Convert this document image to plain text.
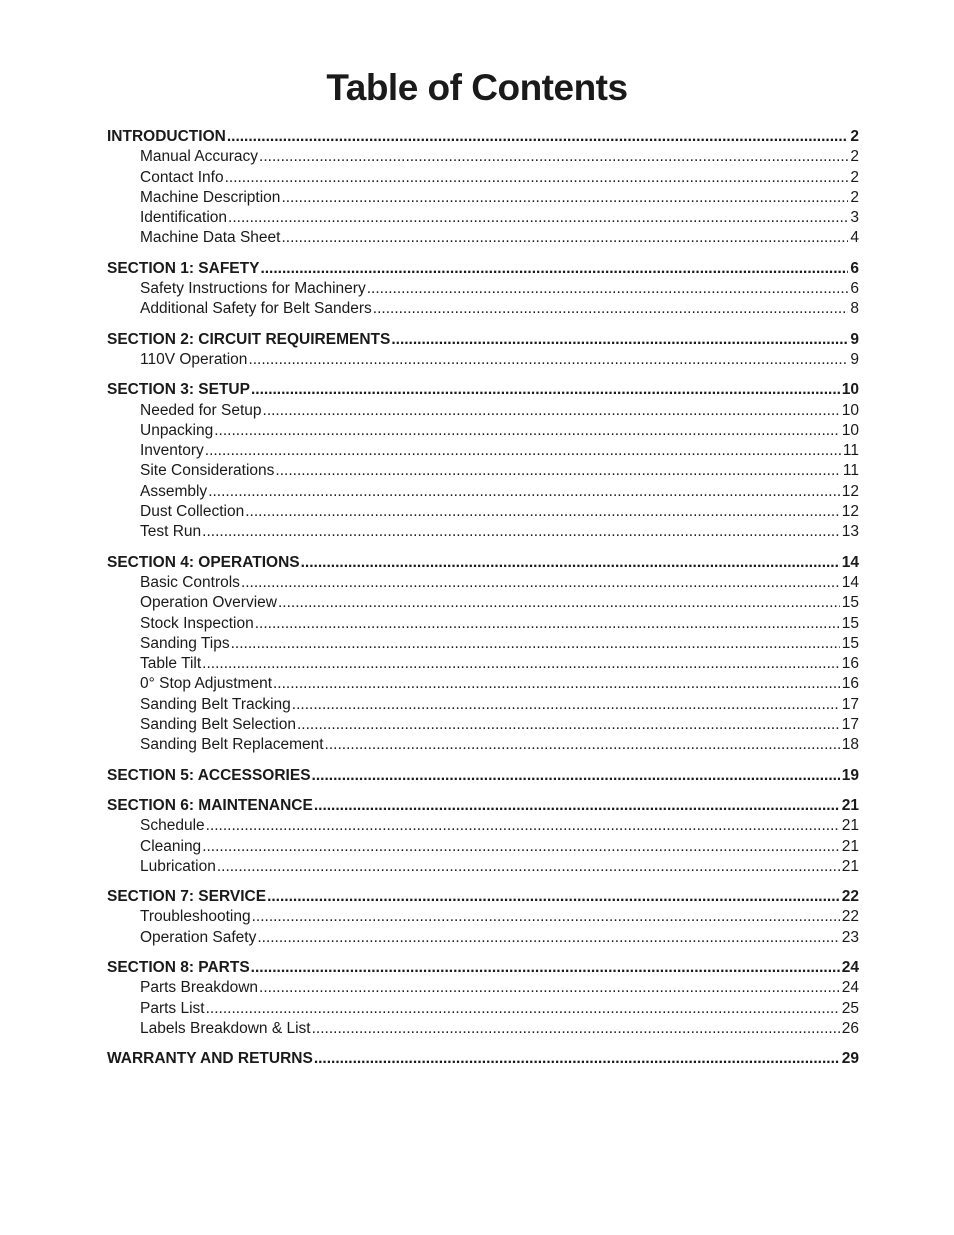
Table of Contents
INTRODUCTION .....	2
Manual Accuracy .....	2
Contact Info .....	2
Machine Description .....	2
Identification .....	3
Machine Data Sheet .....	4
SECTION 1: SAFETY .....	6
Safety Instructions for Machinery .....	6
Additional Safety for Belt Sanders .....	8
SECTION 2: CIRCUIT REQUIREMENTS .....	9
110V Operation .....	9
SECTION 3: SETUP .....	10
Needed for Setup .....	10
Unpacking .....	10
Inventory .....	11
Site Considerations .....	11
Assembly .....	12
Dust Collection .....	12
Test Run .....	13
SECTION 4: OPERATIONS .....	14
Basic Controls .....	14
Operation Overview .....	15
Stock Inspection .....	15
Sanding Tips .....	15
Table Tilt .....	16
0° Stop Adjustment .....	16
Sanding Belt Tracking .....	17
Sanding Belt Selection .....	17
Sanding Belt Replacement .....	18
SECTION 5: ACCESSORIES .....	19
SECTION 6: MAINTENANCE .....	21
Schedule .....	21
Cleaning .....	21
Lubrication .....	21
SECTION 7: SERVICE .....	22
Troubleshooting .....	22
Operation Safety .....	23
SECTION 8: PARTS .....	24
Parts Breakdown .....	24
Parts List .....	25
Labels Breakdown & List .....	26
WARRANTY AND RETURNS .....	29
